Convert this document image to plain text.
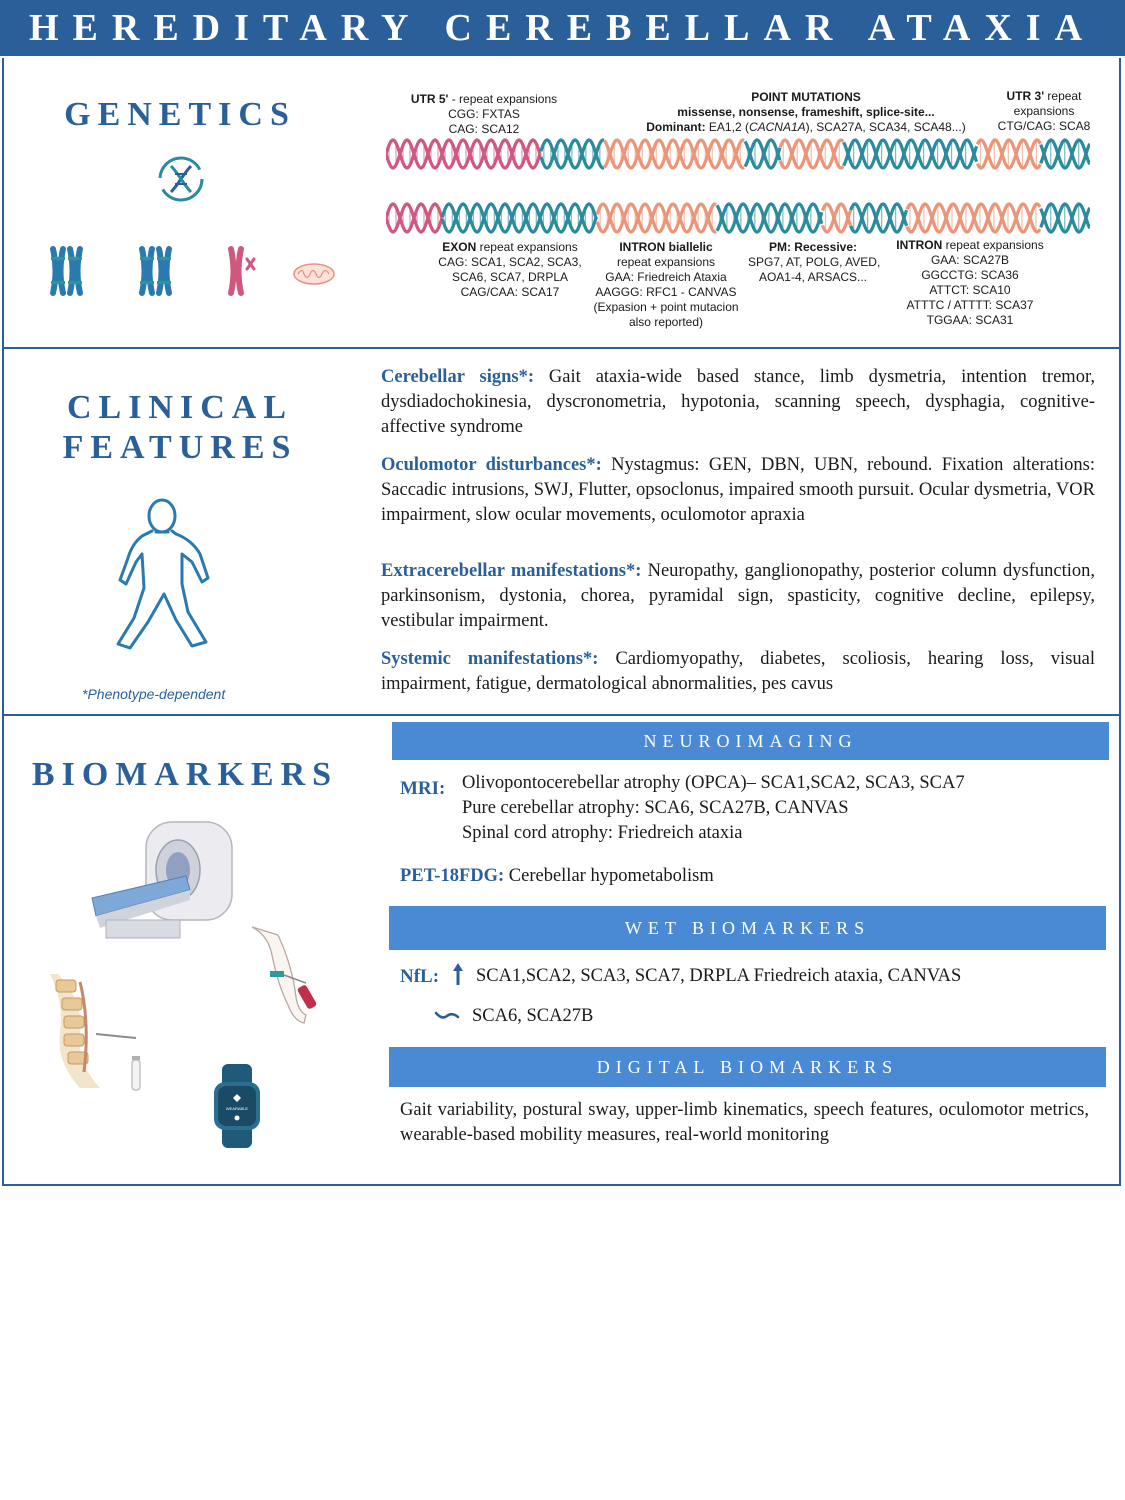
HEREDITARY CEREBELLAR ATAXIA
GENETICS	UTR 5' - repeat expansions
CGG: FXTAS
CAG: SCA12
POINT MUTATIONS
missense, nonsense, frameshift, splice-site...
Dominant: EA1,2 (CACNA1A), SCA27A, SCA34, SCA48...)
UTR 3' repeat
expansions
CTG/CAG: SCA8
EXON repeat expansions
CAG: SCA1, SCA2, SCA3,
SCA6, SCA7, DRPLA
CAG/CAA: SCA17
INTRON biallelic
repeat expansions
GAA: Friedreich Ataxia
AAGGG: RFC1 - CANVAS
(Expasion + point mutacion
also reported)
PM: Recessive:
SPG7, AT, POLG, AVED,
AOA1-4, ARSACS...
INTRON repeat expansions
GAA: SCA27B
GGCCTG: SCA36
ATTCT: SCA10
ATTTC / ATTTT: SCA37
TGGAA: SCA31
CLINICAL
FEATURES
*Phenotype-dependent

Cerebellar signs*: Gait ataxia-wide based stance, limb dysmetria, intention tremor, dysdiadochokinesia, dyscronometria, hypotonia, scanning speech, dysphagia, cognitive-affective syndrome

Oculomotor disturbances*: Nystagmus: GEN, DBN, UBN, rebound. Fixation alterations: Saccadic intrusions, SWJ, Flutter, opsoclonus, impaired smooth pursuit. Ocular dysmetria, VOR impairment, slow ocular movements, oculomotor apraxia

Extracerebellar manifestations*: Neuropathy, ganglionopathy, posterior column dysfunction, parkinsonism, dystonia, chorea, pyramidal sign, spasticity, cognitive decline, epilepsy, vestibular impairment.

Systemic manifestations*: Cardiomyopathy, diabetes, scoliosis, hearing loss, visual impairment, fatigue, dermatological abnormalities, pes cavus

BIOMARKERS
WEARABLE
NEUROIMAGING
MRI: Olivopontocerebellar atrophy (OPCA)– SCA1,SCA2, SCA3, SCA7
Pure cerebellar atrophy: SCA6, SCA27B, CANVAS
Spinal cord atrophy: Friedreich ataxia
PET-18FDG: Cerebellar hypometabolism
WET BIOMARKERS
NfL: SCA1,SCA2, SCA3, SCA7, DRPLA Friedreich ataxia, CANVAS
SCA6, SCA27B
DIGITAL BIOMARKERS

Gait variability, postural sway, upper-limb kinematics, speech features, oculomotor metrics, wearable-based mobility measures, real-world monitoring
